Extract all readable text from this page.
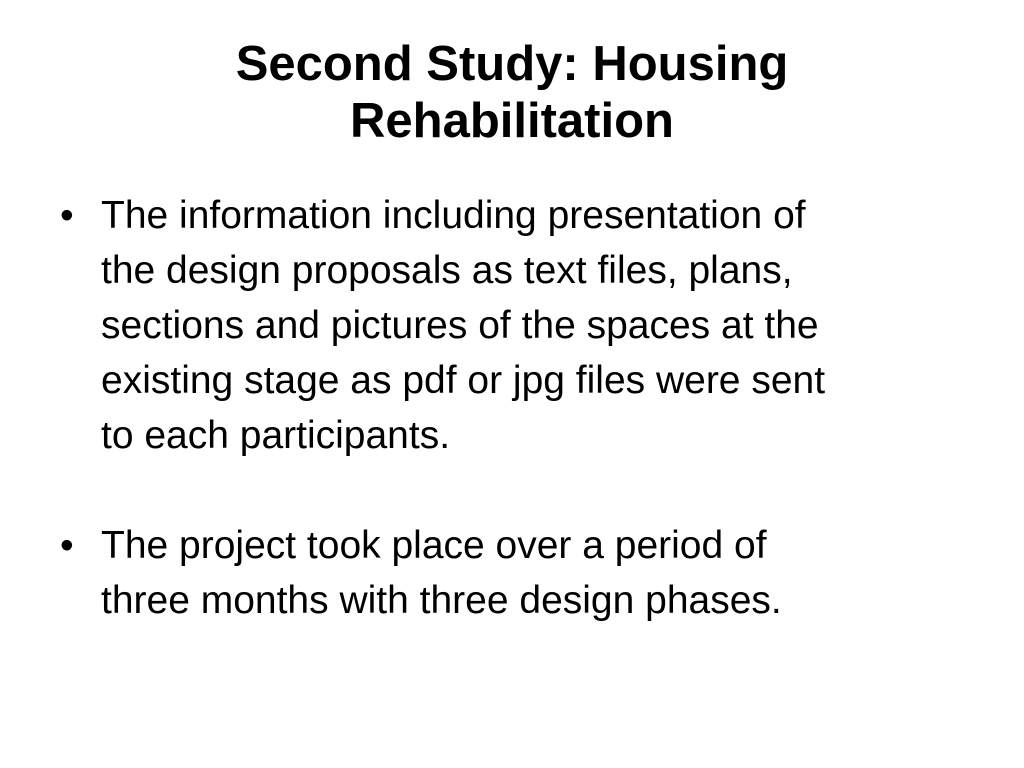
Second Study: Housing
Rehabilitation
• The information including presentation of
the design proposals as text files, plans,
sections and pictures of the spaces at the
existing stage as pdf or jpg files were sent
to each participants.
• The project took place over a period of
three months with three design phases.
